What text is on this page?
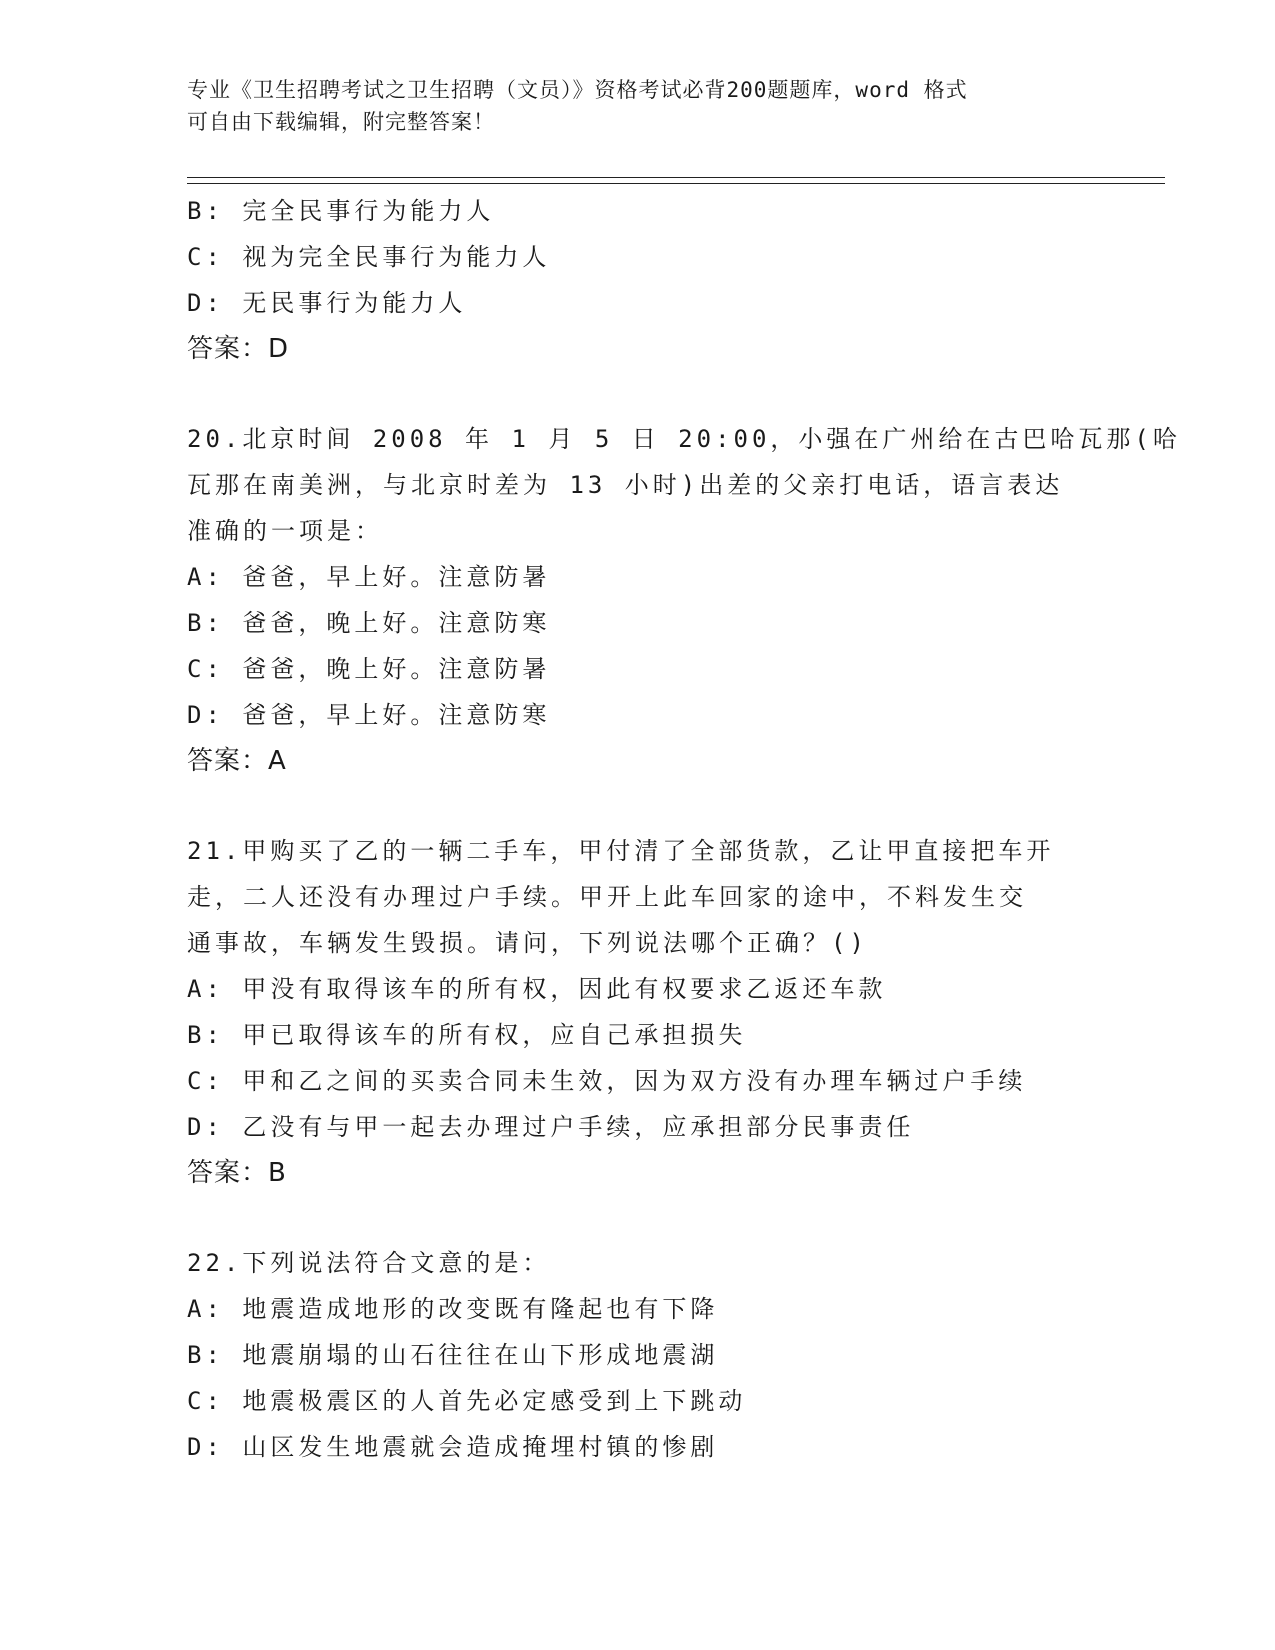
专业《卫生招聘考试之卫生招聘（文员）》资格考试必背200题题库，word 格式
可自由下载编辑，附完整答案！
B: 完全民事行为能力人
C: 视为完全民事行为能力人
D: 无民事行为能力人
答案：D
20.北京时间 2008 年 1 月 5 日 20:00，小强在广州给在古巴哈瓦那(哈
瓦那在南美洲，与北京时差为 13 小时)出差的父亲打电话，语言表达
准确的一项是：
A: 爸爸，早上好。注意防暑
B: 爸爸，晚上好。注意防寒
C: 爸爸，晚上好。注意防暑
D: 爸爸，早上好。注意防寒
答案：A
21.甲购买了乙的一辆二手车，甲付清了全部货款，乙让甲直接把车开
走，二人还没有办理过户手续。甲开上此车回家的途中，不料发生交
通事故，车辆发生毁损。请问，下列说法哪个正确？()
A: 甲没有取得该车的所有权，因此有权要求乙返还车款
B: 甲已取得该车的所有权，应自己承担损失
C: 甲和乙之间的买卖合同未生效，因为双方没有办理车辆过户手续
D: 乙没有与甲一起去办理过户手续，应承担部分民事责任
答案：B
22.下列说法符合文意的是：
A: 地震造成地形的改变既有隆起也有下降
B: 地震崩塌的山石往往在山下形成地震湖
C: 地震极震区的人首先必定感受到上下跳动
D: 山区发生地震就会造成掩埋村镇的惨剧
